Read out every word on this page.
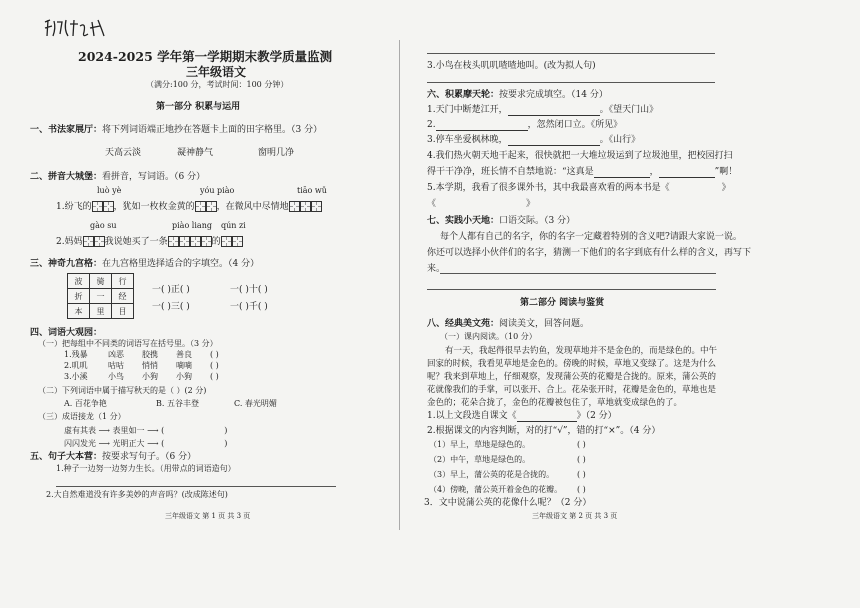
2024-2025 学年第一学期期末教学质量监测
三年级语文
（满分:100 分，考试时间：100 分钟）
第一部分 积累与运用
一、书法家展厅：将下列词语端正地抄在答题卡上面的田字格里。（3 分）
天高云淡	凝神静气	窗明几净
二、拼音大城堡：看拼音，写词语。（6 分）
luò yè	yóu piào	tiāo wǔ
1.纷飞的 ，犹如一枚枚金黄的 ，在微风中尽情地
gào su	piào liang qún zi
2.妈妈 我说她买了一条	的
三、神奇九宫格：在九宫格里选择适合的字填空。（4 分）
波	骑	行
折	一	经
本	里	目
一( )正( )	一( )十( )
一( )三( )	一( )千( )
四、词语大观园：
（一）把每组中不同类的词语写在括号里。（3 分）
1.残暴	凶恶 胶携 善良 ( )
2.叽叽	咕咕 悄悄 嘀嘀 ( )
3.小溪	小鸟 小狗 小狗 ( )
（二）下列词语中属于描写秋天的是（ ）(2 分)
A. 百花争艳	B. 五谷丰登	C. 春光明媚
（三）成语接龙（1 分）
虚有其表 ⟶ 表里如一 ⟶ (	)
闪闪发光 ⟶ 光明正大 ⟶ (	)
五、句子大本营：按要求写句子。（6 分）
1.种子一边努一边努力生长。（用带点的词语造句）
2.大自然难道没有许多美妙的声音吗？(改成陈述句)
三年级语文 第 1 页 共 3 页
3.小鸟在枝头叽叽喳喳地叫。(改为拟人句)
六、积累摩天轮：按要求完成填空。（14 分）
1.天门中断楚江开，	。《望天门山》
2.	，忽然闭口立。《所见》
3.停车坐爱枫林晚，	。《山行》
4.我们热火朝天地干起来，很快就把一大堆垃圾运到了垃圾池里，把校园打扫
得干干净净，班长情不自禁地说：“这真是	，	”啊！
5.本学期，我看了很多课外书，其中我最喜欢看的两本书是《	》
《	》
七、实践小天地：口语交际。（3 分）
每个人都有自己的名字，你的名字一定藏着特别的含义吧?请跟大家说一说。
你还可以选择小伙伴们的名字，猜测一下他们的名字到底有什么样的含义，再写下
来。
第二部分 阅读与鉴赏
八、经典美文苑：阅读美文，回答问题。
（一）课内阅读。（10 分）
有一天，我起得很早去钓鱼，发现草地并不是金色的，而是绿色的。中午回家的时候，我看见草地是金色的。傍晚的时候，草地又变绿了。这是为什么呢？我来到草地上，仔细观察，发现蒲公英的花瓣是合拢的。原来，蒲公英的花就像我们的手掌，可以张开、合上。花朵张开时，花瓣是金色的，草地也是金色的；花朵合拢了，金色的花瓣被包住了，草地就变成绿色的了。
1.以上文段选自课文《	》（2 分）
2.根据课文的内容判断，对的打“√”，错的打“×”。（4 分）
（1）早上，草地是绿色的。	( )
（2）中午，草地是绿色的。	( )
（3）早上，蒲公英的花是合拢的。	( )
（4）傍晚，蒲公英开着金色的花瓣。 ( )
3．文中说蒲公英的花像什么呢？（2 分）
三年级语文 第 2 页 共 3 页
